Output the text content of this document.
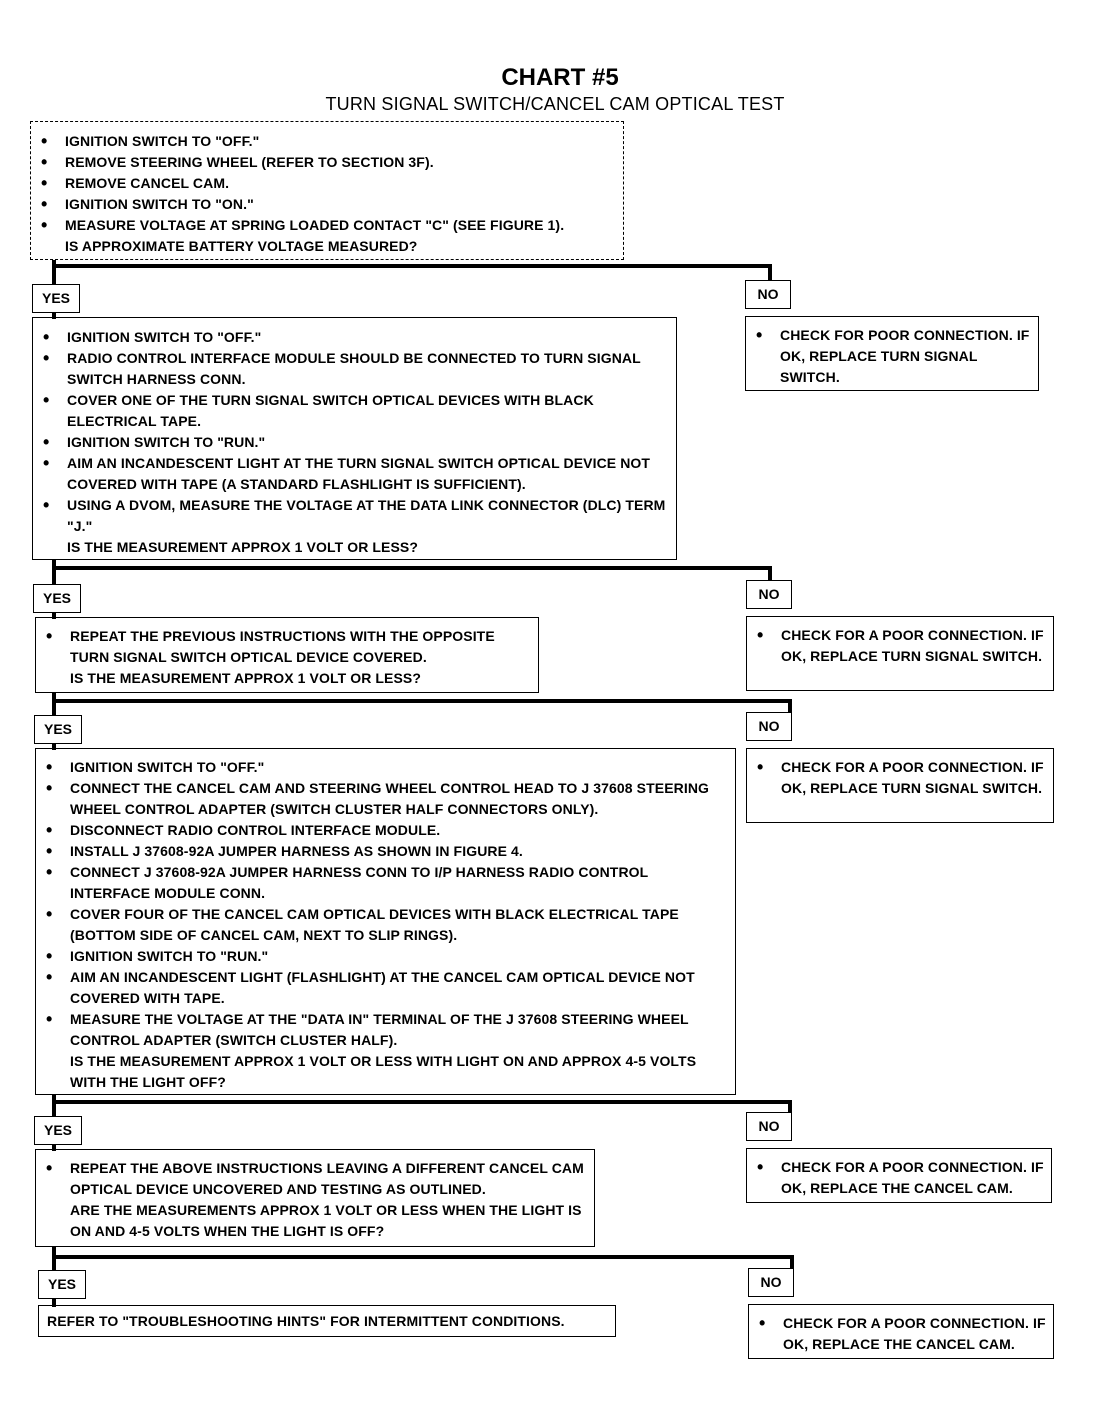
CHART #5
TURN SIGNAL SWITCH/CANCEL CAM OPTICAL TEST
• IGNITION SWITCH TO "OFF."
• REMOVE STEERING WHEEL (REFER TO SECTION 3F).
• REMOVE CANCEL CAM.
• IGNITION SWITCH TO "ON."
• MEASURE VOLTAGE AT SPRING LOADED CONTACT "C" (SEE FIGURE 1).
IS APPROXIMATE BATTERY VOLTAGE MEASURED?
YES	NO
• CHECK FOR POOR CONNECTION. IF OK, REPLACE TURN SIGNAL SWITCH.
• IGNITION SWITCH TO "OFF."
• RADIO CONTROL INTERFACE MODULE SHOULD BE CONNECTED TO TURN SIGNAL SWITCH HARNESS CONN.
• COVER ONE OF THE TURN SIGNAL SWITCH OPTICAL DEVICES WITH BLACK ELECTRICAL TAPE.
• IGNITION SWITCH TO "RUN."
• AIM AN INCANDESCENT LIGHT AT THE TURN SIGNAL SWITCH OPTICAL DEVICE NOT COVERED WITH TAPE (A STANDARD FLASHLIGHT IS SUFFICIENT).
• USING A DVOM, MEASURE THE VOLTAGE AT THE DATA LINK CONNECTOR (DLC) TERM "J."
IS THE MEASUREMENT APPROX 1 VOLT OR LESS?
YES	NO
• CHECK FOR A POOR CONNECTION. IF OK, REPLACE TURN SIGNAL SWITCH.
• REPEAT THE PREVIOUS INSTRUCTIONS WITH THE OPPOSITE TURN SIGNAL SWITCH OPTICAL DEVICE COVERED.
IS THE MEASUREMENT APPROX 1 VOLT OR LESS?
YES	NO
• CHECK FOR A POOR CONNECTION. IF OK, REPLACE TURN SIGNAL SWITCH.
• IGNITION SWITCH TO "OFF."
• CONNECT THE CANCEL CAM AND STEERING WHEEL CONTROL HEAD TO J 37608 STEERING WHEEL CONTROL ADAPTER (SWITCH CLUSTER HALF CONNECTORS ONLY).
• DISCONNECT RADIO CONTROL INTERFACE MODULE.
• INSTALL J 37608-92A JUMPER HARNESS AS SHOWN IN FIGURE 4.
• CONNECT J 37608-92A JUMPER HARNESS CONN TO I/P HARNESS RADIO CONTROL INTERFACE MODULE CONN.
• COVER FOUR OF THE CANCEL CAM OPTICAL DEVICES WITH BLACK ELECTRICAL TAPE (BOTTOM SIDE OF CANCEL CAM, NEXT TO SLIP RINGS).
• IGNITION SWITCH TO "RUN."
• AIM AN INCANDESCENT LIGHT (FLASHLIGHT) AT THE CANCEL CAM OPTICAL DEVICE NOT COVERED WITH TAPE.
• MEASURE THE VOLTAGE AT THE "DATA IN" TERMINAL OF THE J 37608 STEERING WHEEL CONTROL ADAPTER (SWITCH CLUSTER HALF).
IS THE MEASUREMENT APPROX 1 VOLT OR LESS WITH LIGHT ON AND APPROX 4-5 VOLTS WITH THE LIGHT OFF?
YES	NO
• CHECK FOR A POOR CONNECTION. IF OK, REPLACE THE CANCEL CAM.
• REPEAT THE ABOVE INSTRUCTIONS LEAVING A DIFFERENT CANCEL CAM OPTICAL DEVICE UNCOVERED AND TESTING AS OUTLINED.
ARE THE MEASUREMENTS APPROX 1 VOLT OR LESS WHEN THE LIGHT IS ON AND 4-5 VOLTS WHEN THE LIGHT IS OFF?
YES	NO
REFER TO "TROUBLESHOOTING HINTS" FOR INTERMITTENT CONDITIONS.
•	CHECK FOR A POOR CONNECTION. IF OK, REPLACE THE CANCEL CAM.
